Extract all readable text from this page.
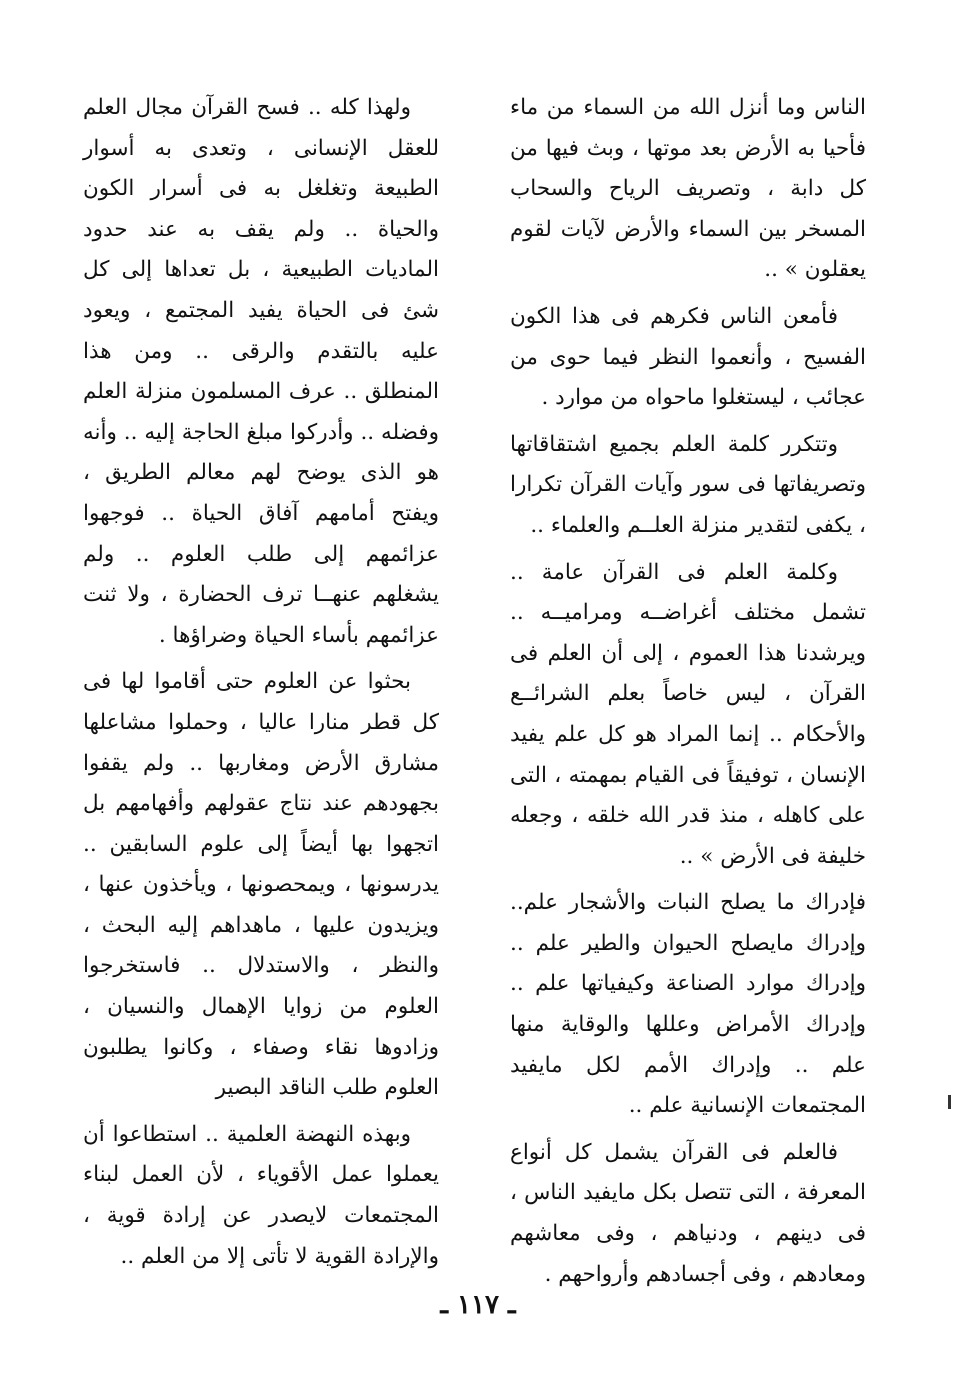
الناس وما أنزل الله من السماء من ماء فأحيا به الأرض بعد موتها ، وبث فيها من كل دابة ، وتصريف الرياح والسحاب المسخر بين السماء والأرض لآيات لقوم يعقلون » ..

فأمعن الناس فكرهم فى هذا الكون الفسيح ، وأنعموا النظر فيما حوى من عجائب ، ليستغلوا ماحواه من موارد .

وتتكرر كلمة العلم بجميع اشتقاقاتها وتصريفاتها فى سور وآيات القرآن تكرارا ، يكفى لتقدير منزلة العلــم والعلماء ..

وكلمة العلم فى القرآن عامة .. تشمل مختلف أغراضــه ومراميــه .. ويرشدنا هذا العموم ، إلى أن العلم فى القرآن ، ليس خاصاً بعلم الشرائــع والأحكام .. إنما المراد هو كل علم يفيد الإنسان ، توفيقاً فى القيام بمهمته ، التى على كاهله ، منذ قدر الله خلقه ، وجعله خليفة فى الأرض » ..

فإدراك ما يصلح النبات والأشجار علم.. وإدراك مايصلح الحيوان والطير علم .. وإدراك موارد الصناعة وكيفياتها علم .. وإدراك الأمراض وعللها والوقاية منها علم .. وإدراك الأمم لكل مايفيد المجتمعات الإنسانية علم ..

فالعلم فى القرآن يشمل كل أنواع المعرفة ، التى تتصل بكل مايفيد الناس ، فى دينهم ، ودنياهم ، وفى معاشهم ومعادهم ، وفى أجسادهم وأرواحهم .

ولهذا كله .. فسح القرآن مجال العلم للعقل الإنسانى ، وتعدى به أسوار الطبيعة وتغلغل به فى أسرار الكون والحياة .. ولم يقف به عند حدود الماديات الطبيعية ، بل تعداها إلى كل شئ فى الحياة يفيد المجتمع ، ويعود عليه بالتقدم والرقى .. ومن هذا المنطلق .. عرف المسلمون منزلة العلم وفضله .. وأدركوا مبلغ الحاجة إليه .. وأنه هو الذى يوضح لهم معالم الطريق ، ويفتح أمامهم آفاق الحياة .. فوجهوا عزائمهم إلى طلب العلوم .. ولم يشغلهم عنهــا ترف الحضارة ، ولا ثنت عزائمهم بأساء الحياة وضراؤها .

بحثوا عن العلوم حتى أقاموا لها فى كل قطر منارا عاليا ، وحملوا مشاعلها مشارق الأرض ومغاربها .. ولم يقفوا بجهودهم عند نتاج عقولهم وأفهامهم بل اتجهوا بها أيضاً إلى علوم السابقين .. يدرسونها ، ويمحصونها ، ويأخذون عنها ، ويزيدون عليها ، ماهداهم إليه البحث ، والنظر ، والاستدلال .. فاستخرجوا العلوم من زوايا الإهمال والنسيان ، وزادوها نقاء وصفاء ، وكانوا يطلبون العلوم طلب الناقد البصير

وبهذه النهضة العلمية .. استطاعوا أن يعملوا عمل الأقوياء ، لأن العمل لبناء المجتمعات لايصدر عن إرادة قوية ، والإرادة القوية لا تأتى إلا من العلم ..

ـ ١١٧ ـ
